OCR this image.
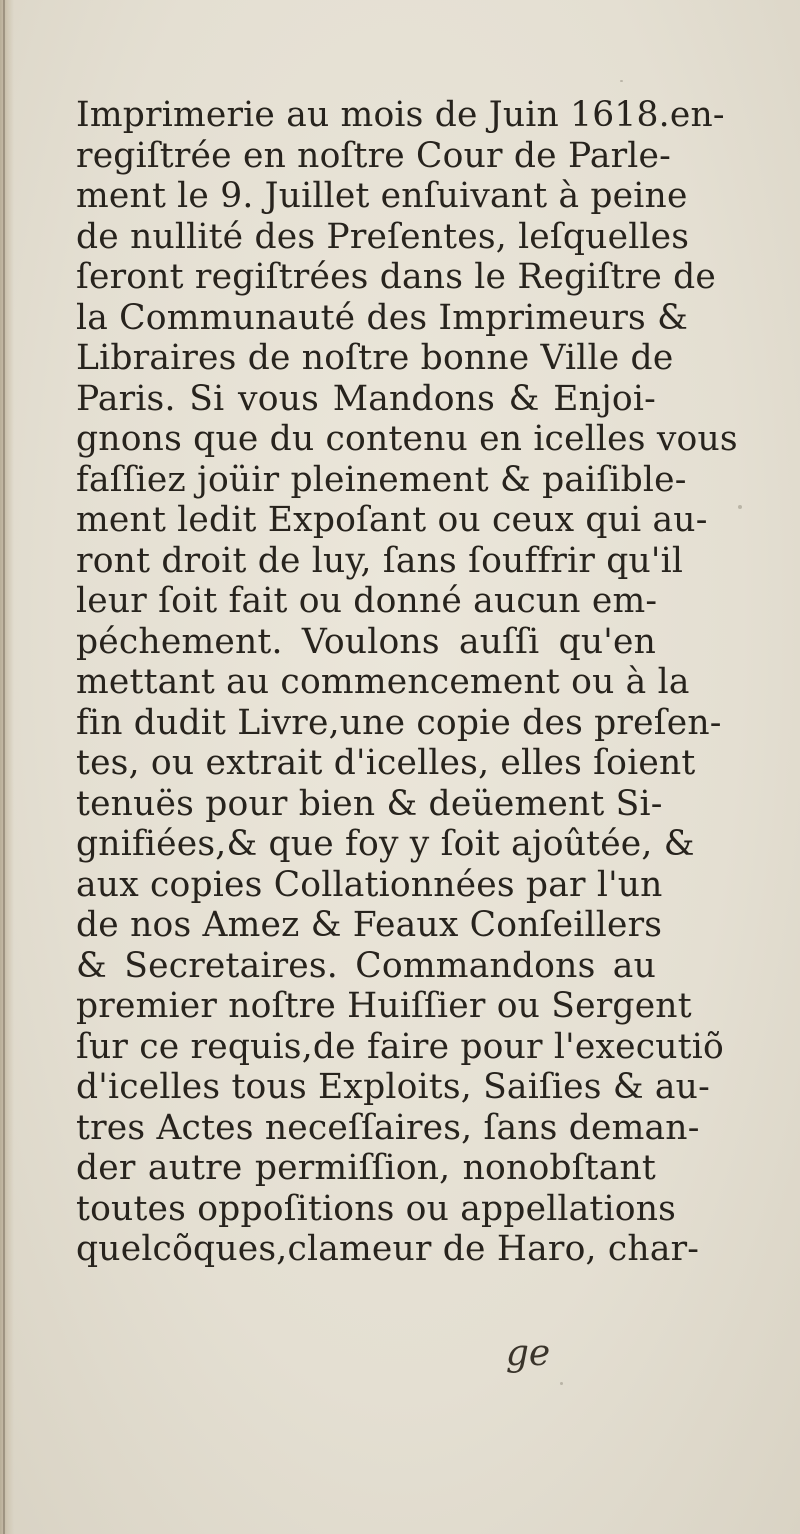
Imprimerie au mois de Juin 1618.en-
regiſtrée en noſtre Cour de Parle-
ment le 9. Juillet enſuivant à peine
de nullité des Preſentes, leſquelles
ſeront regiſtrées dans le Regiſtre de
la Communauté des Imprimeurs &
Libraires de noſtre bonne Ville de
Paris. Si vous Mandons & Enjoi-
gnons que du contenu en icelles vous
faſſiez joüir pleinement & paiſible-
ment ledit Expoſant ou ceux qui au-
ront droit de luy, ſans ſouffrir qu'il
leur ſoit fait ou donné aucun em-
péchement. Voulons auſſi qu'en
mettant au commencement ou à la
fin dudit Livre,une copie des preſen-
tes, ou extrait d'icelles, elles ſoient
tenuës pour bien & deüement Si-
gnifiées,& que foy y ſoit ajoûtée, &
aux copies Collationnées par l'un
de nos Amez & Feaux Conſeillers
& Secretaires. Commandons au
premier noſtre Huiſſier ou Sergent
ſur ce requis,de faire pour l'executiõ
d'icelles tous Exploits, Saiſies & au-
tres Actes neceſſaires, ſans deman-
der autre permiſſion, nonobſtant
toutes oppoſitions ou appellations
quelcõques,clameur de Haro, char-
ge
